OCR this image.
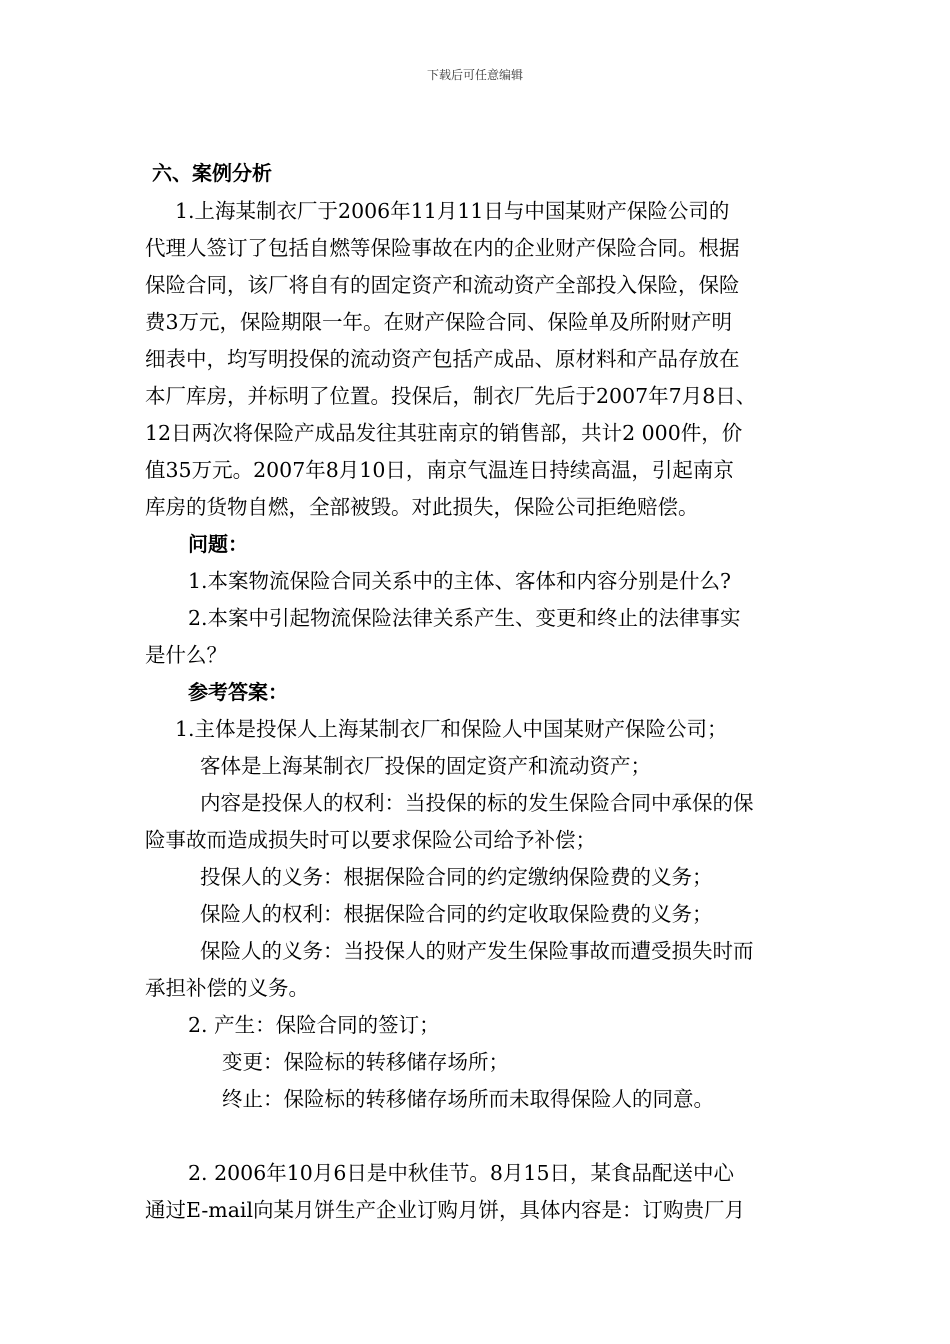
下载后可任意编辑
六、案例分析
1.上海某制衣厂于2006年11月11日与中国某财产保险公司的
代理人签订了包括自燃等保险事故在内的企业财产保险合同。根据
保险合同，该厂将自有的固定资产和流动资产全部投入保险，保险
费3万元，保险期限一年。在财产保险合同、保险单及所附财产明
细表中，均写明投保的流动资产包括产成品、原材料和产品存放在
本厂库房，并标明了位置。投保后，制衣厂先后于2007年7月8日、
12日两次将保险产成品发往其驻南京的销售部，共计2 000件，价
值35万元。2007年8月10日，南京气温连日持续高温，引起南京
库房的货物自燃，全部被毁。对此损失，保险公司拒绝赔偿。
问题：
1.本案物流保险合同关系中的主体、客体和内容分别是什么?
2.本案中引起物流保险法律关系产生、变更和终止的法律事实
是什么？
参考答案：
1.主体是投保人上海某制衣厂和保险人中国某财产保险公司；
客体是上海某制衣厂投保的固定资产和流动资产；
内容是投保人的权利：当投保的标的发生保险合同中承保的保
险事故而造成损失时可以要求保险公司给予补偿；
投保人的义务：根据保险合同的约定缴纳保险费的义务；
保险人的权利：根据保险合同的约定收取保险费的义务；
保险人的义务：当投保人的财产发生保险事故而遭受损失时而
承担补偿的义务。
2. 产生：保险合同的签订；
变更：保险标的转移储存场所；
终止：保险标的转移储存场所而未取得保险人的同意。
2. 2006年10月6日是中秋佳节。8月15日，某食品配送中心
通过E-mail向某月饼生产企业订购月饼，具体内容是：订购贵厂月
